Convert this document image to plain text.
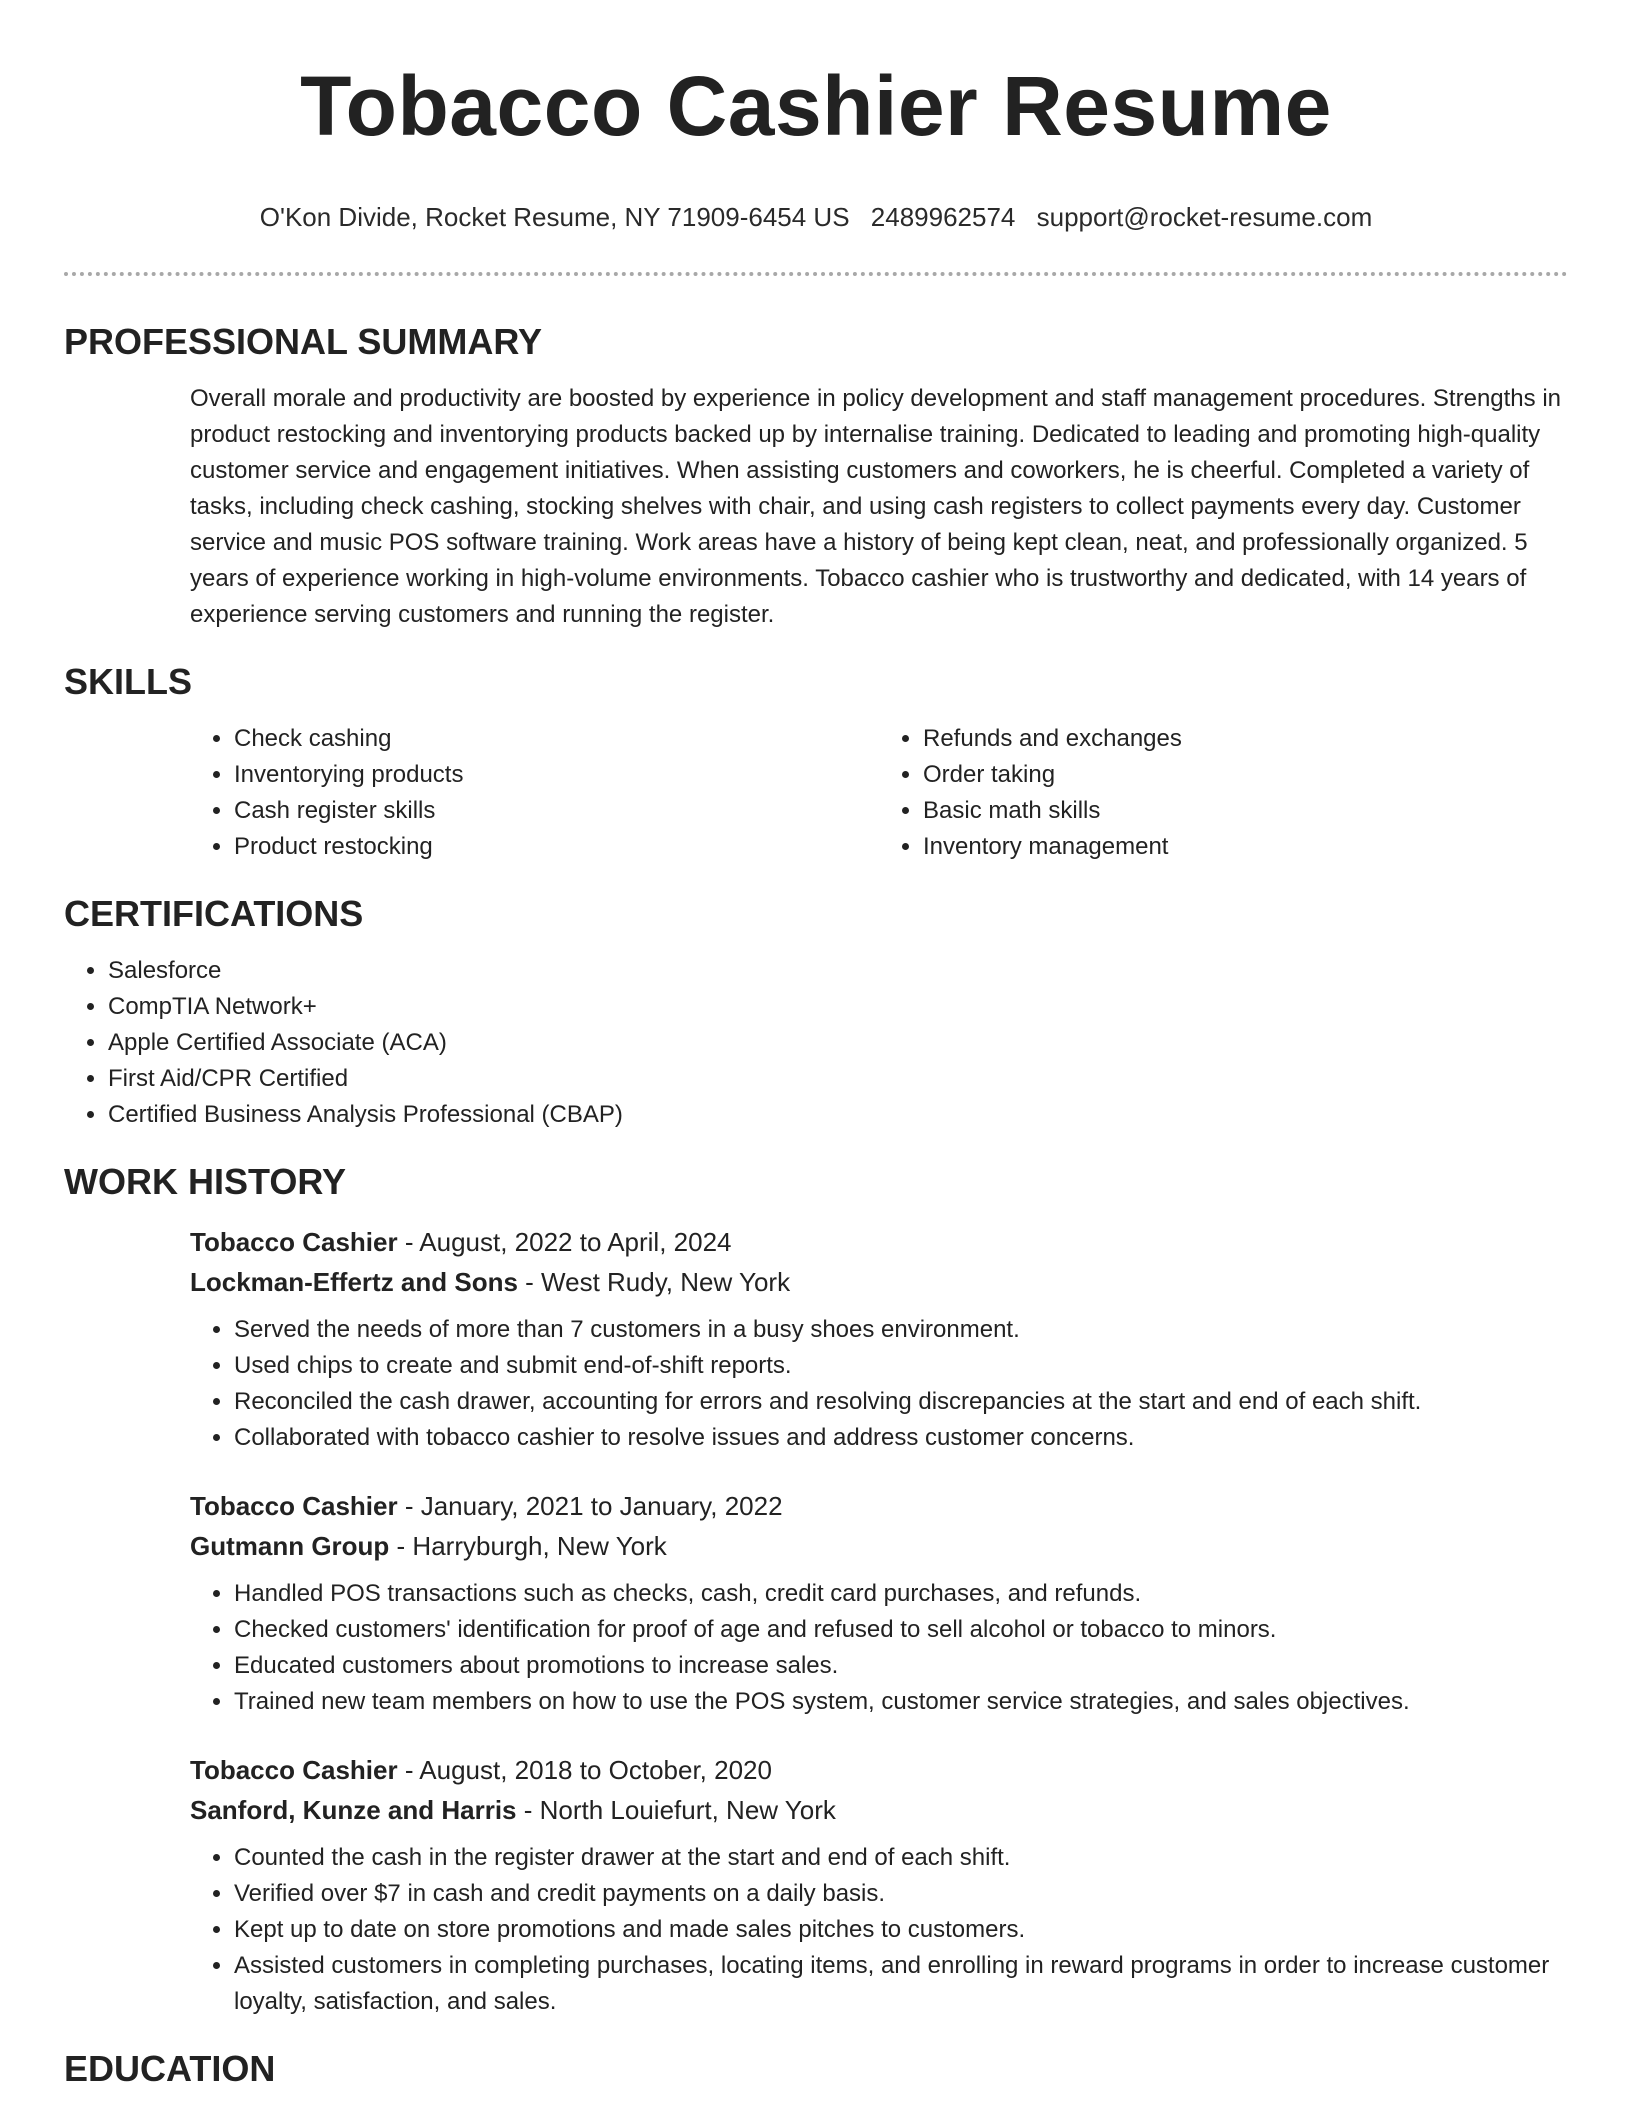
Tobacco Cashier Resume
O'Kon Divide, Rocket Resume, NY 71909-6454 US 2489962574 support@rocket-resume.com
PROFESSIONAL SUMMARY
Overall morale and productivity are boosted by experience in policy development and staff management procedures. Strengths in product restocking and inventorying products backed up by internalise training. Dedicated to leading and promoting high-quality customer service and engagement initiatives. When assisting customers and coworkers, he is cheerful. Completed a variety of tasks, including check cashing, stocking shelves with chair, and using cash registers to collect payments every day. Customer service and music POS software training. Work areas have a history of being kept clean, neat, and professionally organized. 5 years of experience working in high-volume environments. Tobacco cashier who is trustworthy and dedicated, with 14 years of experience serving customers and running the register.
SKILLS
• Check cashing
• Inventorying products
• Cash register skills
• Product restocking
• Refunds and exchanges
• Order taking
• Basic math skills
• Inventory management
CERTIFICATIONS
• Salesforce
• CompTIA Network+
• Apple Certified Associate (ACA)
• First Aid/CPR Certified
• Certified Business Analysis Professional (CBAP)
WORK HISTORY
Tobacco Cashier - August, 2022 to April, 2024
Lockman-Effertz and Sons - West Rudy, New York
• Served the needs of more than 7 customers in a busy shoes environment.
• Used chips to create and submit end-of-shift reports.
• Reconciled the cash drawer, accounting for errors and resolving discrepancies at the start and end of each shift.
• Collaborated with tobacco cashier to resolve issues and address customer concerns.
Tobacco Cashier - January, 2021 to January, 2022
Gutmann Group - Harryburgh, New York
• Handled POS transactions such as checks, cash, credit card purchases, and refunds.
• Checked customers' identification for proof of age and refused to sell alcohol or tobacco to minors.
• Educated customers about promotions to increase sales.
• Trained new team members on how to use the POS system, customer service strategies, and sales objectives.
Tobacco Cashier - August, 2018 to October, 2020
Sanford, Kunze and Harris - North Louiefurt, New York
• Counted the cash in the register drawer at the start and end of each shift.
• Verified over $7 in cash and credit payments on a daily basis.
• Kept up to date on store promotions and made sales pitches to customers.
• Assisted customers in completing purchases, locating items, and enrolling in reward programs in order to increase customer loyalty, satisfaction, and sales.
EDUCATION
